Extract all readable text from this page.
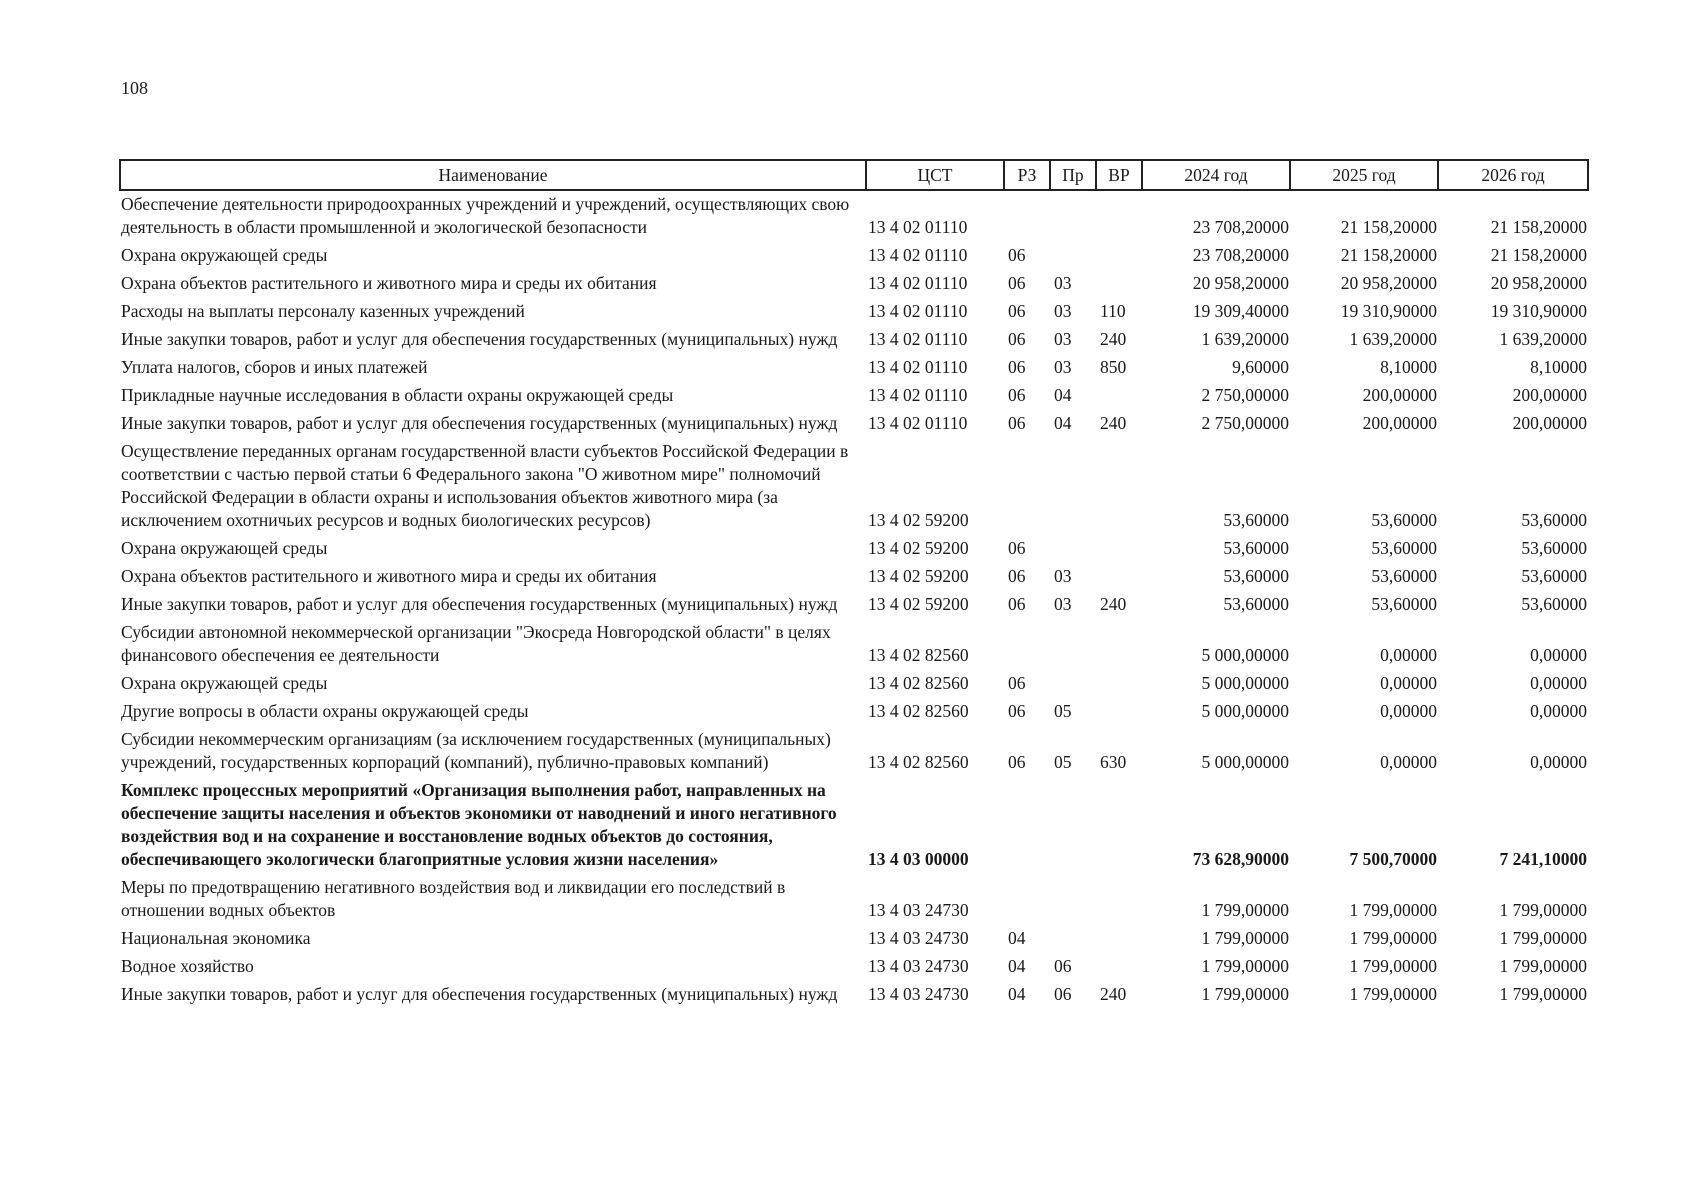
108
Наименование	ЦСТ	РЗ	Пр	ВР	2024 год	2025 год	2026 год
Обеспечение деятельности природоохранных учреждений и учреждений, осуществляющих свою деятельность в области промышленной и экологической безопасности	13 4 02 01110				23 708,20000	21 158,20000	21 158,20000
Охрана окружающей среды	13 4 02 01110	06			23 708,20000	21 158,20000	21 158,20000
Охрана объектов растительного и животного мира и среды их обитания	13 4 02 01110	06	03		20 958,20000	20 958,20000	20 958,20000
Расходы на выплаты персоналу казенных учреждений	13 4 02 01110	06	03	110	19 309,40000	19 310,90000	19 310,90000
Иные закупки товаров, работ и услуг для обеспечения государственных (муниципальных) нужд	13 4 02 01110	06	03	240	1 639,20000	1 639,20000	1 639,20000
Уплата налогов, сборов и иных платежей	13 4 02 01110	06	03	850	9,60000	8,10000	8,10000
Прикладные научные исследования в области охраны окружающей среды	13 4 02 01110	06	04		2 750,00000	200,00000	200,00000
Иные закупки товаров, работ и услуг для обеспечения государственных (муниципальных) нужд	13 4 02 01110	06	04	240	2 750,00000	200,00000	200,00000
Осуществление переданных органам государственной власти субъектов Российской Федерации в соответствии с частью первой статьи 6 Федерального закона "О животном мире" полномочий Российской Федерации в области охраны и использования объектов животного мира (за исключением охотничьих ресурсов и водных биологических ресурсов)	13 4 02 59200				53,60000	53,60000	53,60000
Охрана окружающей среды	13 4 02 59200	06			53,60000	53,60000	53,60000
Охрана объектов растительного и животного мира и среды их обитания	13 4 02 59200	06	03		53,60000	53,60000	53,60000
Иные закупки товаров, работ и услуг для обеспечения государственных (муниципальных) нужд	13 4 02 59200	06	03	240	53,60000	53,60000	53,60000
Субсидии автономной некоммерческой организации "Экосреда Новгородской области" в целях финансового обеспечения ее деятельности	13 4 02 82560				5 000,00000	0,00000	0,00000
Охрана окружающей среды	13 4 02 82560	06			5 000,00000	0,00000	0,00000
Другие вопросы в области охраны окружающей среды	13 4 02 82560	06	05		5 000,00000	0,00000	0,00000
Субсидии некоммерческим организациям (за исключением государственных (муниципальных) учреждений, государственных корпораций (компаний), публично-правовых компаний)	13 4 02 82560	06	05	630	5 000,00000	0,00000	0,00000
Комплекс процессных мероприятий «Организация выполнения работ, направленных на обеспечение защиты населения и объектов экономики от наводнений и иного негативного воздействия вод и на сохранение и восстановление водных объектов до состояния, обеспечивающего экологически благоприятные условия жизни населения»	13 4 03 00000				73 628,90000	7 500,70000	7 241,10000
Меры по предотвращению негативного воздействия вод и ликвидации его последствий в отношении водных объектов	13 4 03 24730				1 799,00000	1 799,00000	1 799,00000
Национальная экономика	13 4 03 24730	04			1 799,00000	1 799,00000	1 799,00000
Водное хозяйство	13 4 03 24730	04	06		1 799,00000	1 799,00000	1 799,00000
Иные закупки товаров, работ и услуг для обеспечения государственных (муниципальных) нужд	13 4 03 24730	04	06	240	1 799,00000	1 799,00000	1 799,00000
